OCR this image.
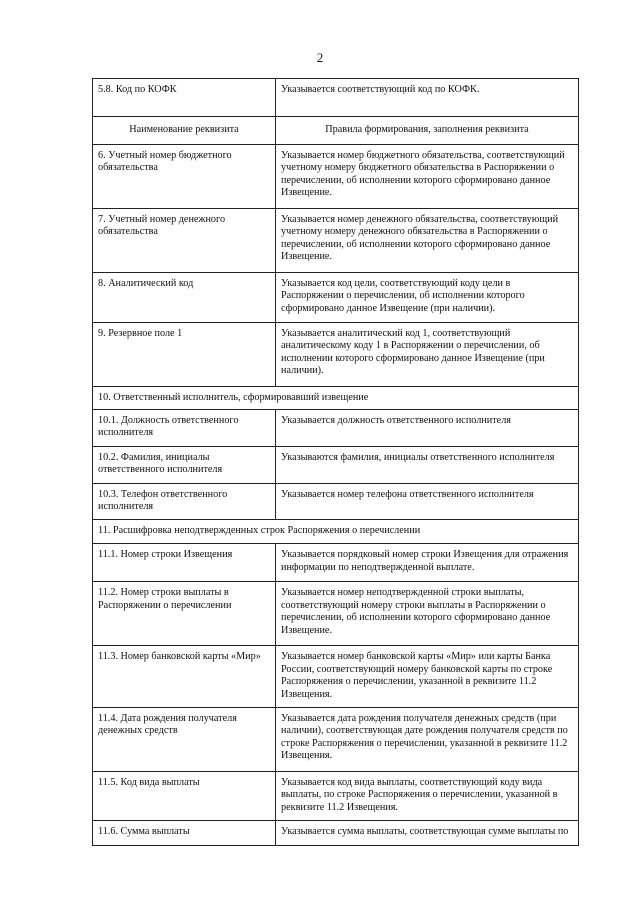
2
5.8. Код по КОФК	Указывается соответствующий код по КОФК.
Наименование реквизита	Правила формирования, заполнения реквизита
6. Учетный номер бюджетного обязательства	Указывается номер бюджетного обязательства, соответствующий учетному номеру бюджетного обязательства в Распоряжении о перечислении, об исполнении которого сформировано данное Извещение.
7. Учетный номер денежного обязательства	Указывается номер денежного обязательства, соответствующий учетному номеру денежного обязательства в Распоряжении о перечислении, об исполнении которого сформировано данное Извещение.
8. Аналитический код	Указывается код цели, соответствующий коду цели в Распоряжении о перечислении, об исполнении которого сформировано данное Извещение (при наличии).
9. Резервное поле 1	Указывается аналитический код 1, соответствующий аналитическому коду 1 в Распоряжении о перечислении, об исполнении которого сформировано данное Извещение (при наличии).
10. Ответственный исполнитель, сформировавший извещение	
10.1. Должность ответственного исполнителя	Указывается должность ответственного исполнителя
10.2. Фамилия, инициалы ответственного исполнителя	Указываются фамилия, инициалы ответственного исполнителя
10.3. Телефон ответственного исполнителя	Указывается номер телефона ответственного исполнителя
11. Расшифровка неподтвержденных строк Распоряжения о перечислении	
11.1. Номер строки Извещения	Указывается порядковый номер строки Извещения для отражения информации по неподтвержденной выплате.
11.2. Номер строки выплаты в Распоряжении о перечислении	Указывается номер неподтвержденной строки выплаты, соответствующий номеру строки выплаты в Распоряжении о перечислении, об исполнении которого сформировано данное Извещение.
11.3. Номер банковской карты «Мир»	Указывается номер банковской карты «Мир» или карты Банка России, соответствующий номеру банковской карты по строке Распоряжения о перечислении, указанной в реквизите 11.2 Извещения.
11.4. Дата рождения получателя денежных средств	Указывается дата рождения получателя денежных средств (при наличии), соответствующая дате рождения получателя средств по строке Распоряжения о перечислении, указанной в реквизите 11.2 Извещения.
11.5. Код вида выплаты	Указывается код вида выплаты, соответствующий коду вида выплаты, по строке Распоряжения о перечислении, указанной в реквизите 11.2 Извещения.
11.6. Сумма выплаты	Указывается сумма выплаты, соответствующая сумме выплаты по
